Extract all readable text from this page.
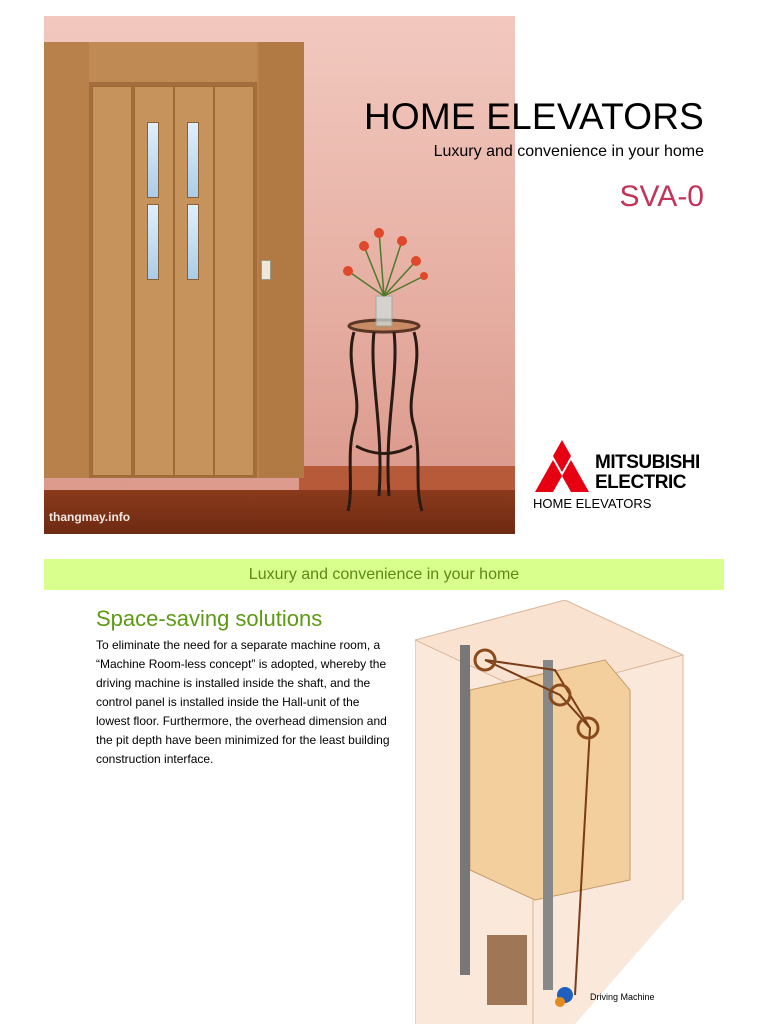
thangmay.info
HOME ELEVATORS
Luxury and convenience in your home
SVA-0
MITSUBISHI
ELECTRIC
HOME ELEVATORS
Luxury and convenience in your home
Space-saving solutions
To eliminate the need for a separate machine room, a “Machine Room-less concept” is adopted, whereby the driving machine is installed inside the shaft, and the control panel is installed inside the Hall-unit of the lowest floor. Furthermore, the overhead dimension and the pit depth have been minimized for the least building construction interface.
Driving Machine
